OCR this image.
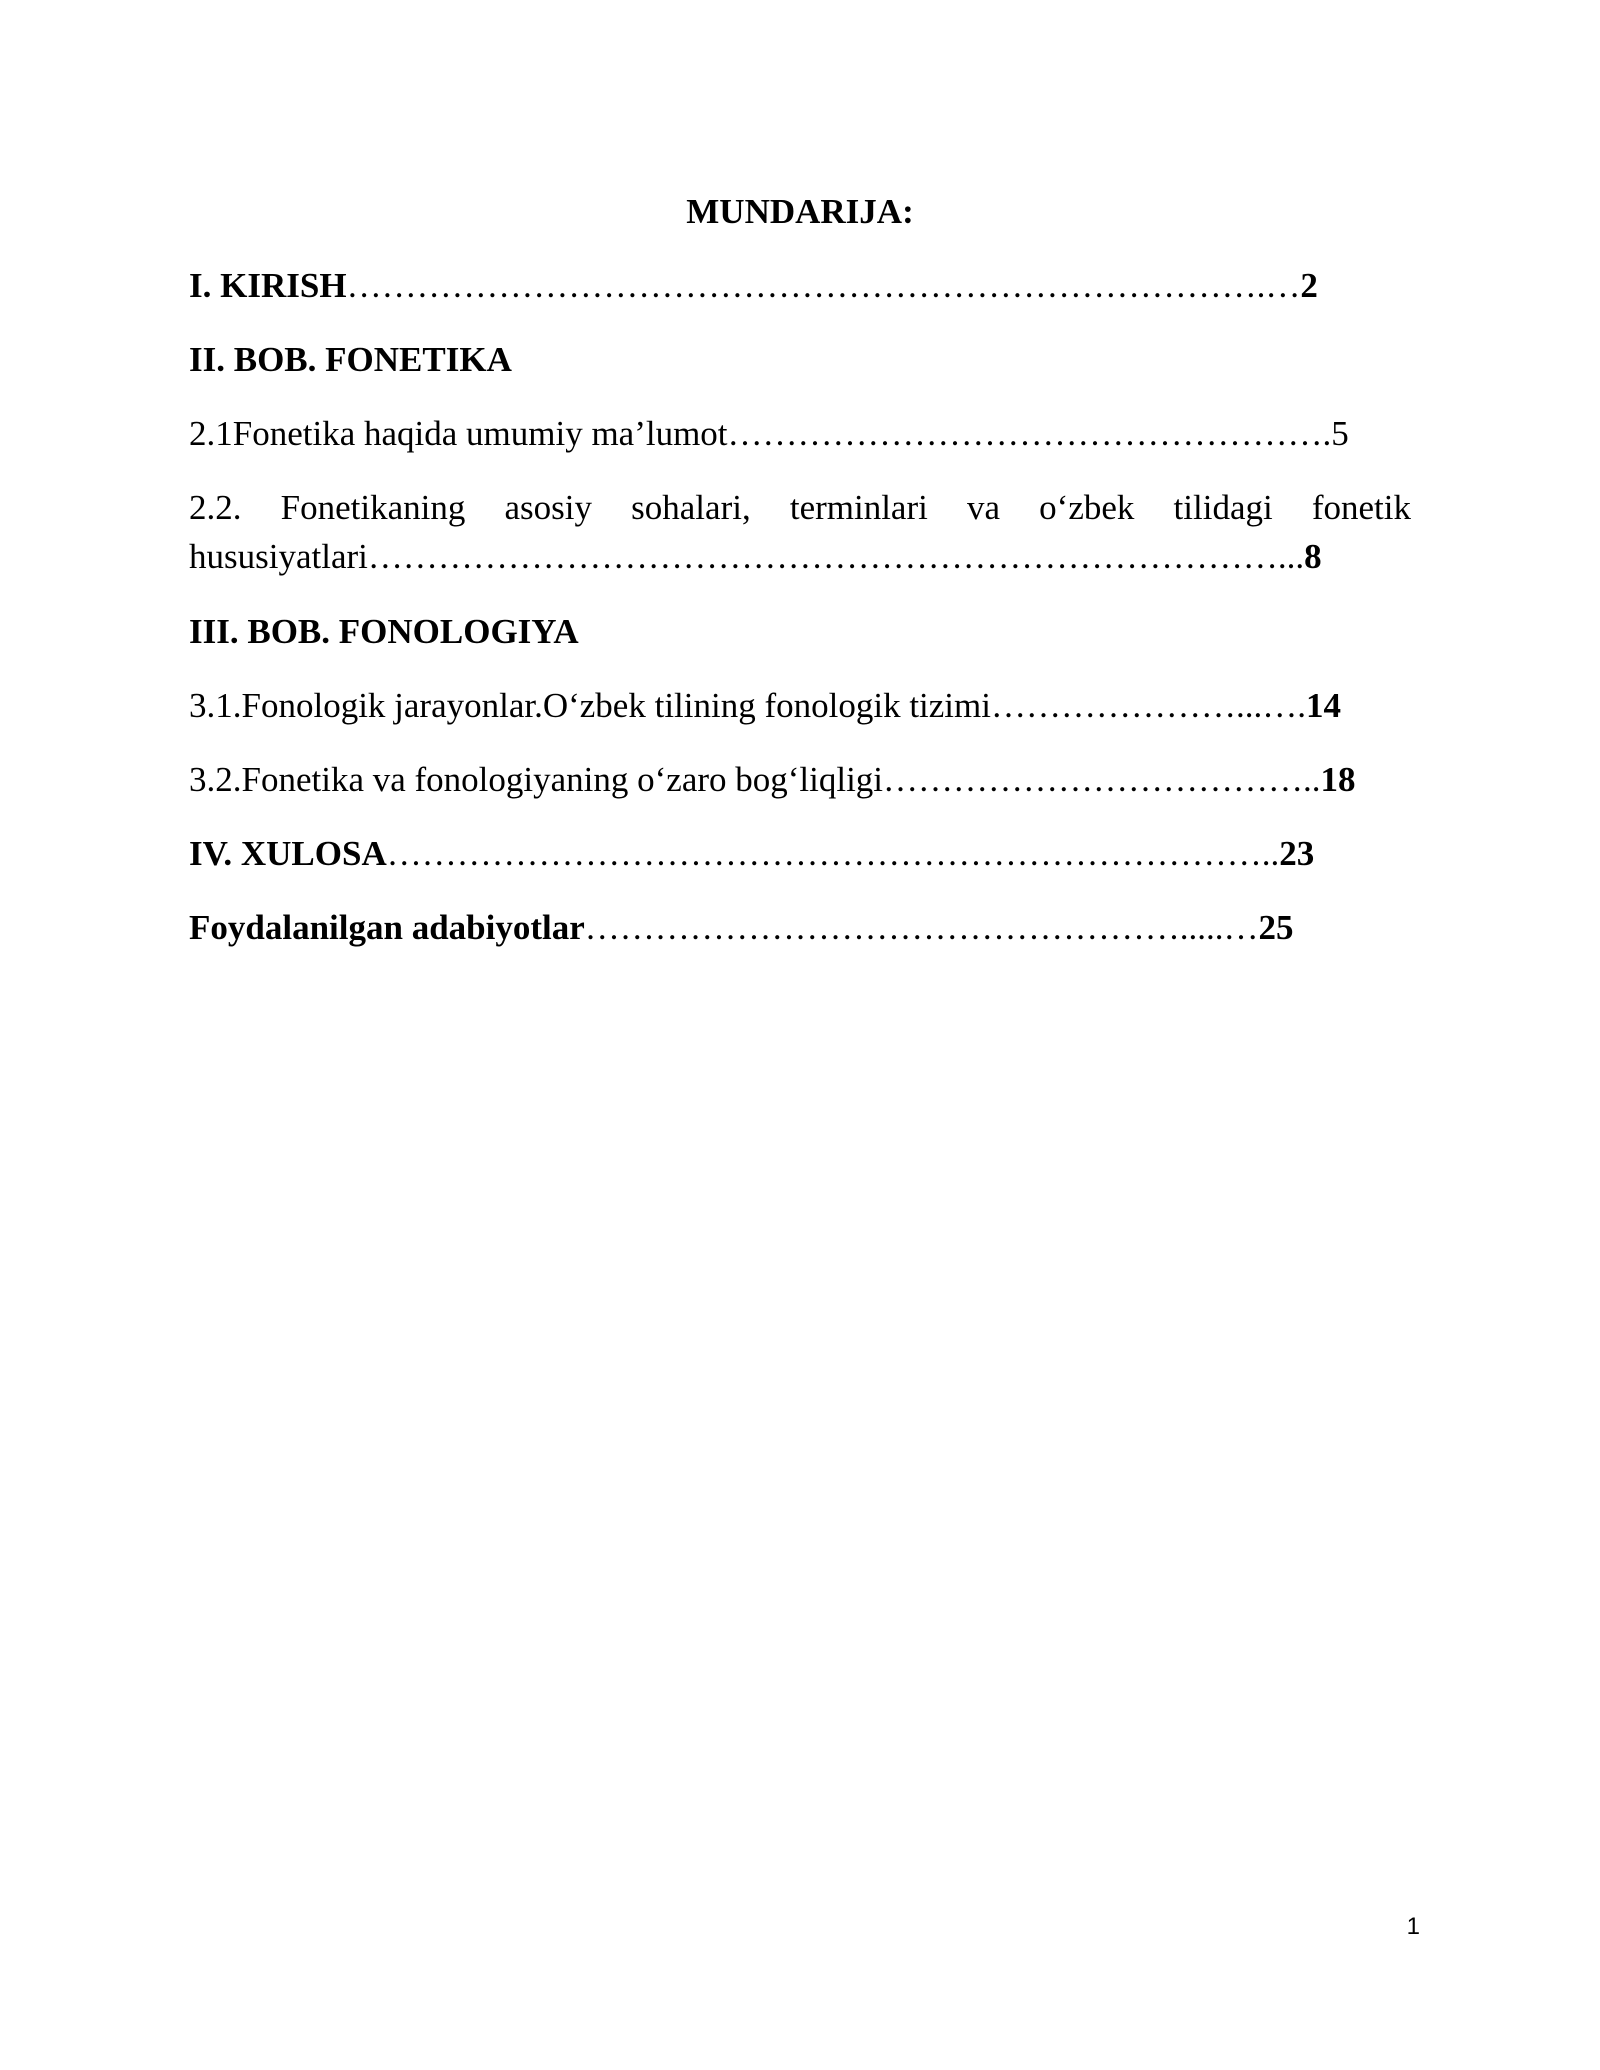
MUNDARIJA:
I. KIRISH…………………………………………………………………….…2
II. BOB. FONETIKA
2.1Fonetika haqida umumiy ma’lumot…………………………………………….5
2.2. Fonetikaning asosiy sohalari, terminlari va o‘zbek tilidagi fonetik
hususiyatlari……………………………………………………………………...8
III. BOB. FONOLOGIYA
3.1.Fonologik jarayonlar.O‘zbek tilining fonologik tizimi…………………...….14
3.2.Fonetika va fonologiyaning o‘zaro bog‘liqligi………………………………..18
IV. XULOSA…………………………………………………………………..23
Foydalanilgan adabiyotlar…………………………………………….....…25
1
